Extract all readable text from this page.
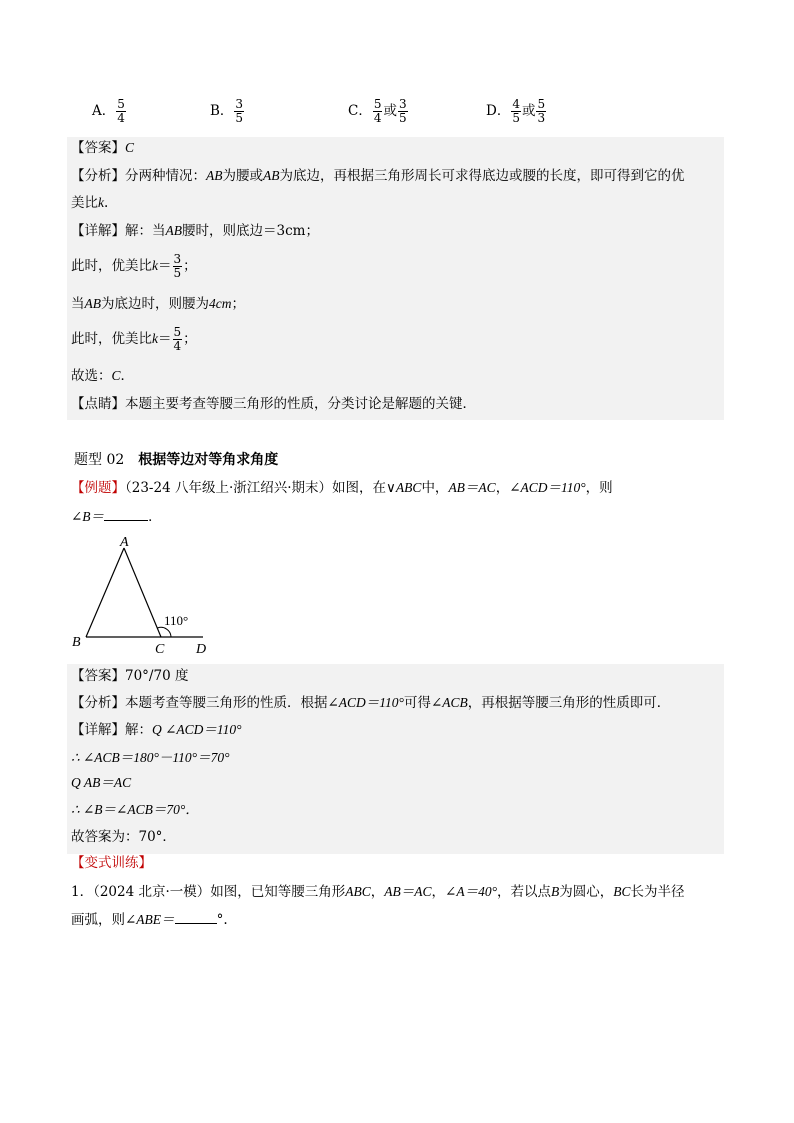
A． $\frac{5}{4}$	B． $\frac{3}{5}$	C． $\frac{5}{4}$ 或 $\frac{3}{5}$	D． $\frac{4}{5}$ 或 $\frac{5}{3}$
【答案】C
【分析】分两种情况：AB为腰或AB为底边，再根据三角形周长可求得底边或腰的长度，即可得到它的优
美比k.
【详解】解：当AB腰时，则底边＝3cm；
此时，优美比$k= \frac{3}{5}$ ；
当AB为底边时，则腰为4cm；
此时，优美比$k= \frac{5}{4}$ ；
故选：C．
【点睛】本题主要考查等腰三角形的性质，分类讨论是解题的关键．
题型 02 根据等边对等角求角度
【例题】（23-24 八年级上·浙江绍兴·期末）如图，在∨ABC中，AB＝AC，∠ACD＝110°，则
∠B＝	．
A
B	C D
110°
【答案】70°/70 度
【分析】本题考查等腰三角形的性质．根据∠ACD＝110°可得∠ACB，再根据等腰三角形的性质即可．
【详解】解：Q ∠ACD＝110°
∴ ∠ACB＝180°－110°＝70°
Q AB＝AC
∴ ∠B＝∠ACB＝70°．
故答案为：70°．
【变式训练】
1．（2024 北京·一模）如图，已知等腰三角形ABC，AB＝AC，∠A＝40°，若以点B为圆心，BC长为半径
画弧，则∠ABE＝	°.
